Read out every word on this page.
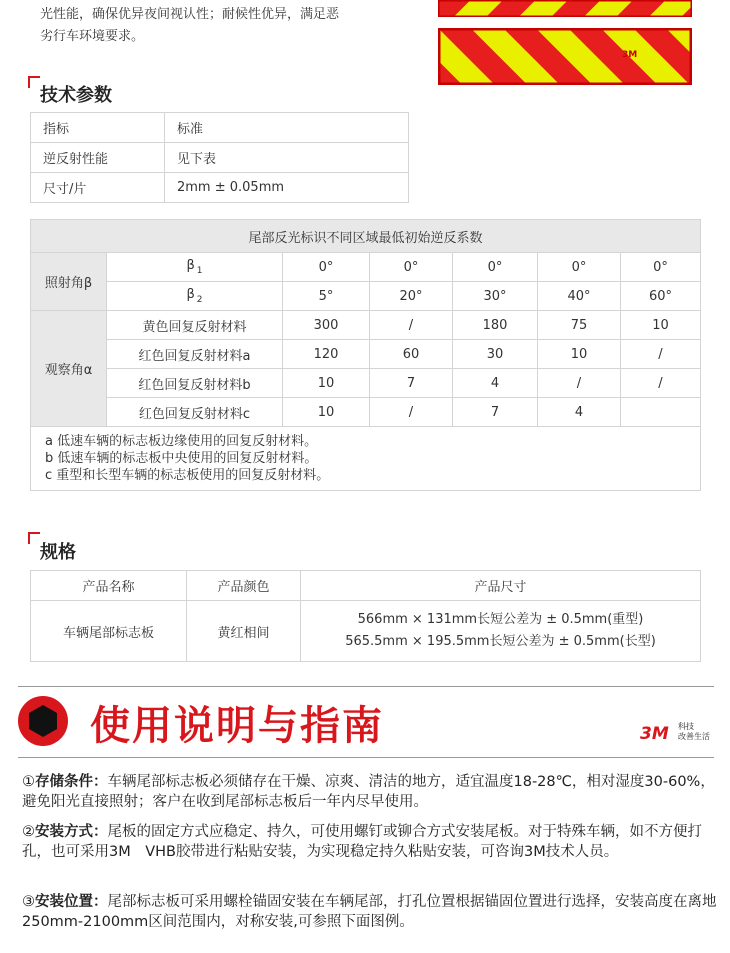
光性能，确保优异夜间视认性；耐候性优异，满足恶
劣行车环境要求。
3M
技术参数
指标	标准
逆反射性能	见下表
尺寸/片	2mm ± 0.05mm
尾部反光标识不同区域最低初始逆反系数						
照射角β	β $_1$	0°	0°	0°	0°	0°
	β $_2$	5°	20°	30°	40°	60°
观察角α	黄色回复反射材料	300	/	180	75	10
	红色回复反射材料a	120	60	30	10	/
	红色回复反射材料b	10	7	4	/	/
	红色回复反射材料c	10	/	7	4	

a 低速车辆的标志板边缘使用的回复反射材料。
b 低速车辆的标志板中央使用的回复反射材料。
c 重型和长型车辆的标志板使用的回复反射材料。						
规格
产品名称	产品颜色	产品尺寸
车辆尾部标志板	黄红相间	566mm × 131mm长短公差为 ± 0.5mm(重型)
565.5mm × 195.5mm长短公差为 ± 0.5mm(长型)
使用说明与指南	3M 科技
改善生活
①存储条件：车辆尾部标志板必须储存在干燥、凉爽、清洁的地方，适宜温度18-28℃，相对湿度30-60%，避免阳光直接照射；客户在收到尾部标志板后一年内尽早使用。
②安装方式：尾板的固定方式应稳定、持久，可使用螺钉或铆合方式安装尾板。对于特殊车辆，如不方便打孔，也可采用3M　VHB胶带进行粘贴安装，为实现稳定持久粘贴安装，可咨询3M技术人员。
③安装位置：尾部标志板可采用螺栓锚固安装在车辆尾部，打孔位置根据锚固位置进行选择，安装高度在离地250mm-2100mm区间范围内，对称安装,可参照下面图例。
